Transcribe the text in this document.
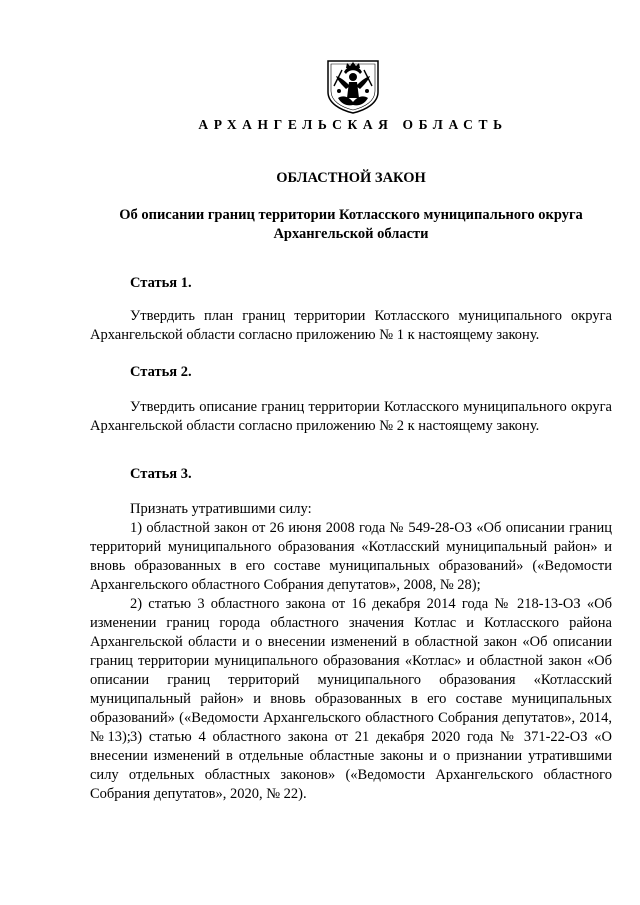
АРХАНГЕЛЬСКАЯ ОБЛАСТЬ
ОБЛАСТНОЙ ЗАКОН
Об описании границ территории Котласского муниципального округа Архангельской области
Статья 1.
Утвердить план границ территории Котласского муниципального округа Архангельской области согласно приложению № 1 к настоящему закону.
Статья 2.
Утвердить описание границ территории Котласского муниципального округа Архангельской области согласно приложению № 2 к настоящему закону.
Статья 3.
Признать утратившими силу:
1) областной закон от 26 июня 2008 года № 549-28-ОЗ «Об описании границ территорий муниципального образования «Котласский муниципальный район» и вновь образованных в его составе муниципальных образований» («Ведомости Архангельского областного Собрания депутатов», 2008, № 28);
2) статью 3 областного закона от 16 декабря 2014 года № 218-13-ОЗ «Об изменении границ города областного значения Котлас и Котласского района Архангельской области и о внесении изменений в областной закон «Об описании границ территории муниципального образования «Котлас» и областной закон «Об описании границ территорий муниципального образования «Котласский муниципальный район» и вновь образованных в его составе муниципальных образований» («Ведомости Архангельского областного Собрания депутатов», 2014, № 13); 3) статью 4 областного закона от 21 декабря 2020 года № 371-22-ОЗ «О внесении изменений в отдельные областные законы и о признании утратившими силу отдельных областных законов» («Ведомости Архангельского областного Собрания депутатов», 2020, № 22).
